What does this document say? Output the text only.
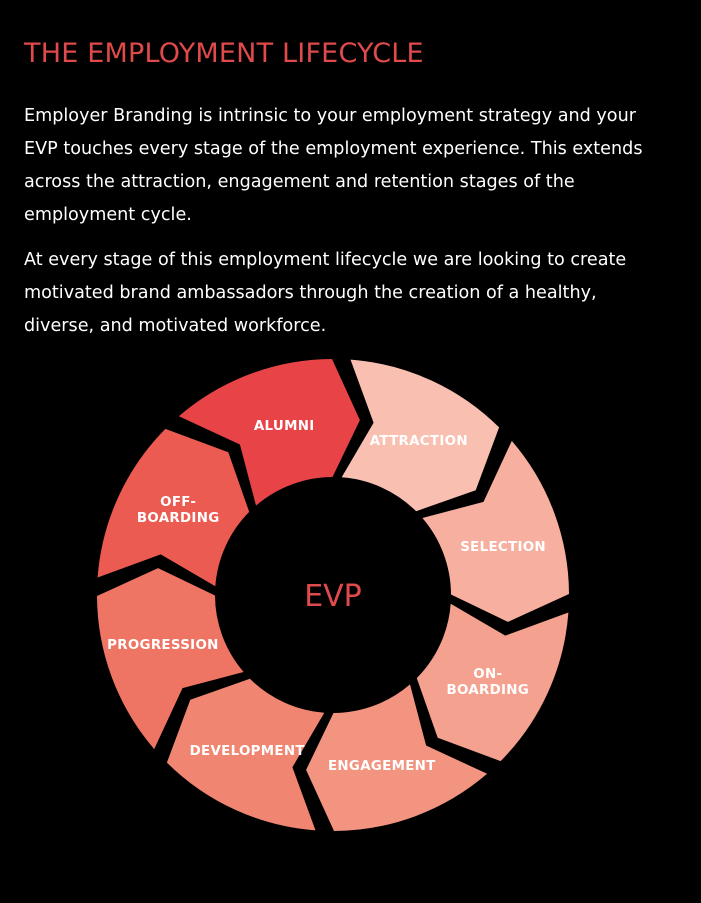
THE EMPLOYMENT LIFECYCLE

Employer Branding is intrinsic to your employment strategy and your EVP touches every stage of the employment experience. This extends across the attraction, engagement and retention stages of the employment cycle.

At every stage of this employment lifecycle we are looking to create motivated brand ambassadors through the creation of a healthy, diverse, and motivated workforce.

ATTRACTION
SELECTION
ON-BOARDING
ENGAGEMENT
DEVELOPMENT
PROGRESSION
OFF-BOARDING
ALUMNI
EVP
